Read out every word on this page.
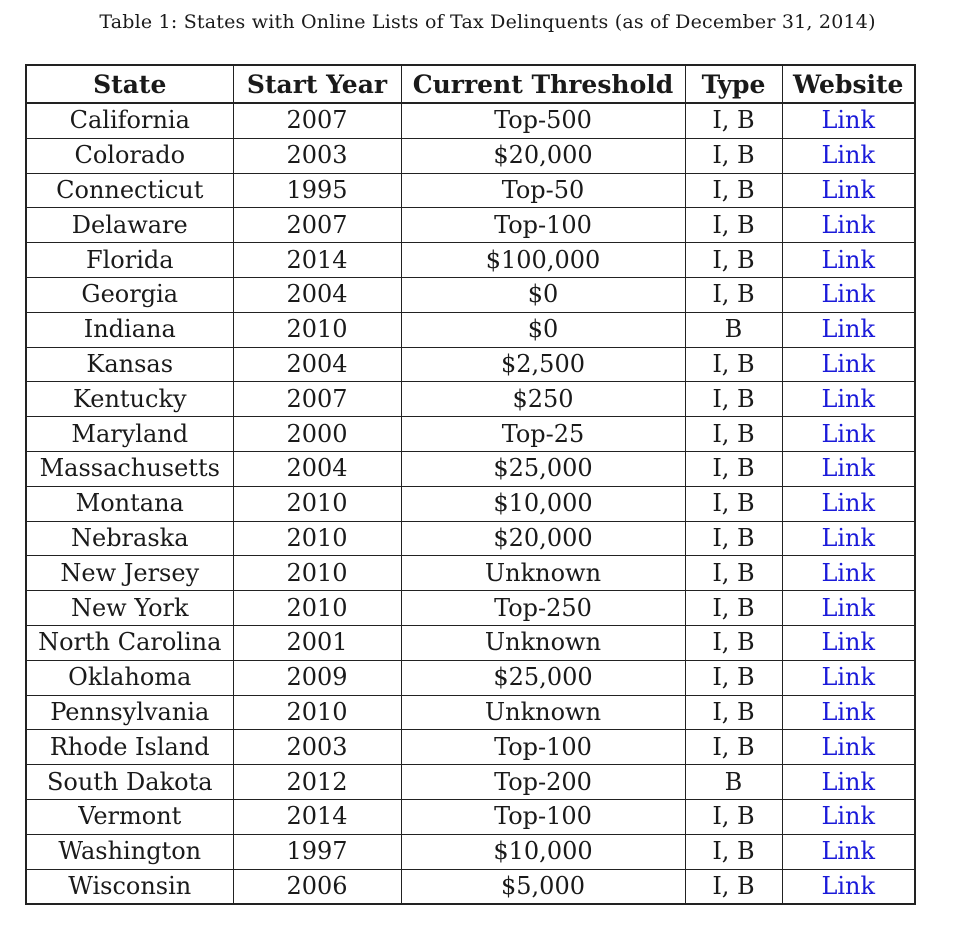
Table 1: States with Online Lists of Tax Delinquents (as of December 31, 2014)
State	Start Year	Current Threshold	Type	Website
California	2007	Top-500	I, B	Link
Colorado	2003	$20,000	I, B	Link
Connecticut	1995	Top-50	I, B	Link
Delaware	2007	Top-100	I, B	Link
Florida	2014	$100,000	I, B	Link
Georgia	2004	$0	I, B	Link
Indiana	2010	$0	B	Link
Kansas	2004	$2,500	I, B	Link
Kentucky	2007	$250	I, B	Link
Maryland	2000	Top-25	I, B	Link
Massachusetts	2004	$25,000	I, B	Link
Montana	2010	$10,000	I, B	Link
Nebraska	2010	$20,000	I, B	Link
New Jersey	2010	Unknown	I, B	Link
New York	2010	Top-250	I, B	Link
North Carolina	2001	Unknown	I, B	Link
Oklahoma	2009	$25,000	I, B	Link
Pennsylvania	2010	Unknown	I, B	Link
Rhode Island	2003	Top-100	I, B	Link
South Dakota	2012	Top-200	B	Link
Vermont	2014	Top-100	I, B	Link
Washington	1997	$10,000	I, B	Link
Wisconsin	2006	$5,000	I, B	Link
